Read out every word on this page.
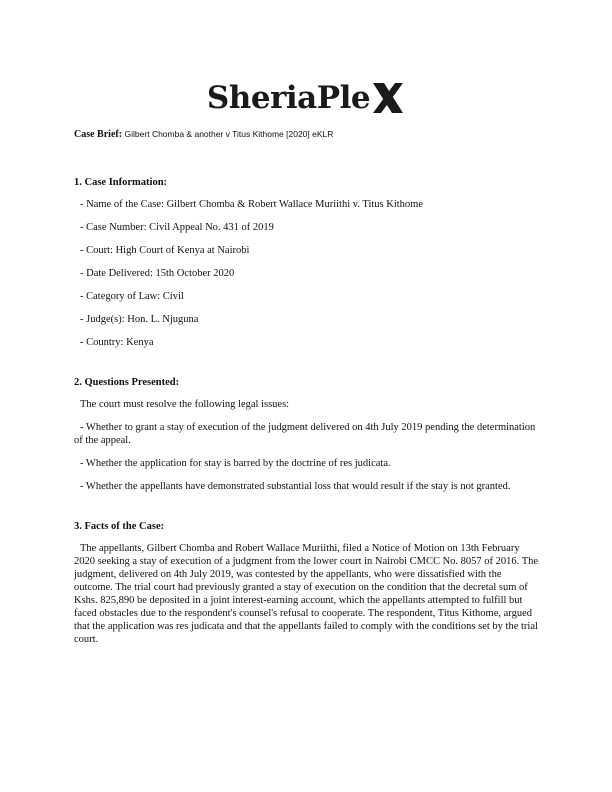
SheriaPle
Case Brief: Gilbert Chomba & another v Titus Kithome [2020] eKLR
1. Case Information:

- Name of the Case: Gilbert Chomba & Robert Wallace Muriithi v. Titus Kithome

- Case Number: Civil Appeal No. 431 of 2019

- Court: High Court of Kenya at Nairobi

- Date Delivered: 15th October 2020

- Category of Law: Civil

- Judge(s): Hon. L. Njuguna

- Country: Kenya

2. Questions Presented:

The court must resolve the following legal issues:

- Whether to grant a stay of execution of the judgment delivered on 4th July 2019 pending the determination of the appeal.

- Whether the application for stay is barred by the doctrine of res judicata.

- Whether the appellants have demonstrated substantial loss that would result if the stay is not granted.

3. Facts of the Case:

The appellants, Gilbert Chomba and Robert Wallace Muriithi, filed a Notice of Motion on 13th February 2020 seeking a stay of execution of a judgment from the lower court in Nairobi CMCC No. 8057 of 2016. The judgment, delivered on 4th July 2019, was contested by the appellants, who were dissatisfied with the outcome. The trial court had previously granted a stay of execution on the condition that the decretal sum of Kshs. 825,890 be deposited in a joint interest-earning account, which the appellants attempted to fulfill but faced obstacles due to the respondent's counsel's refusal to cooperate. The respondent, Titus Kithome, argued that the application was res judicata and that the appellants failed to comply with the conditions set by the trial court.
